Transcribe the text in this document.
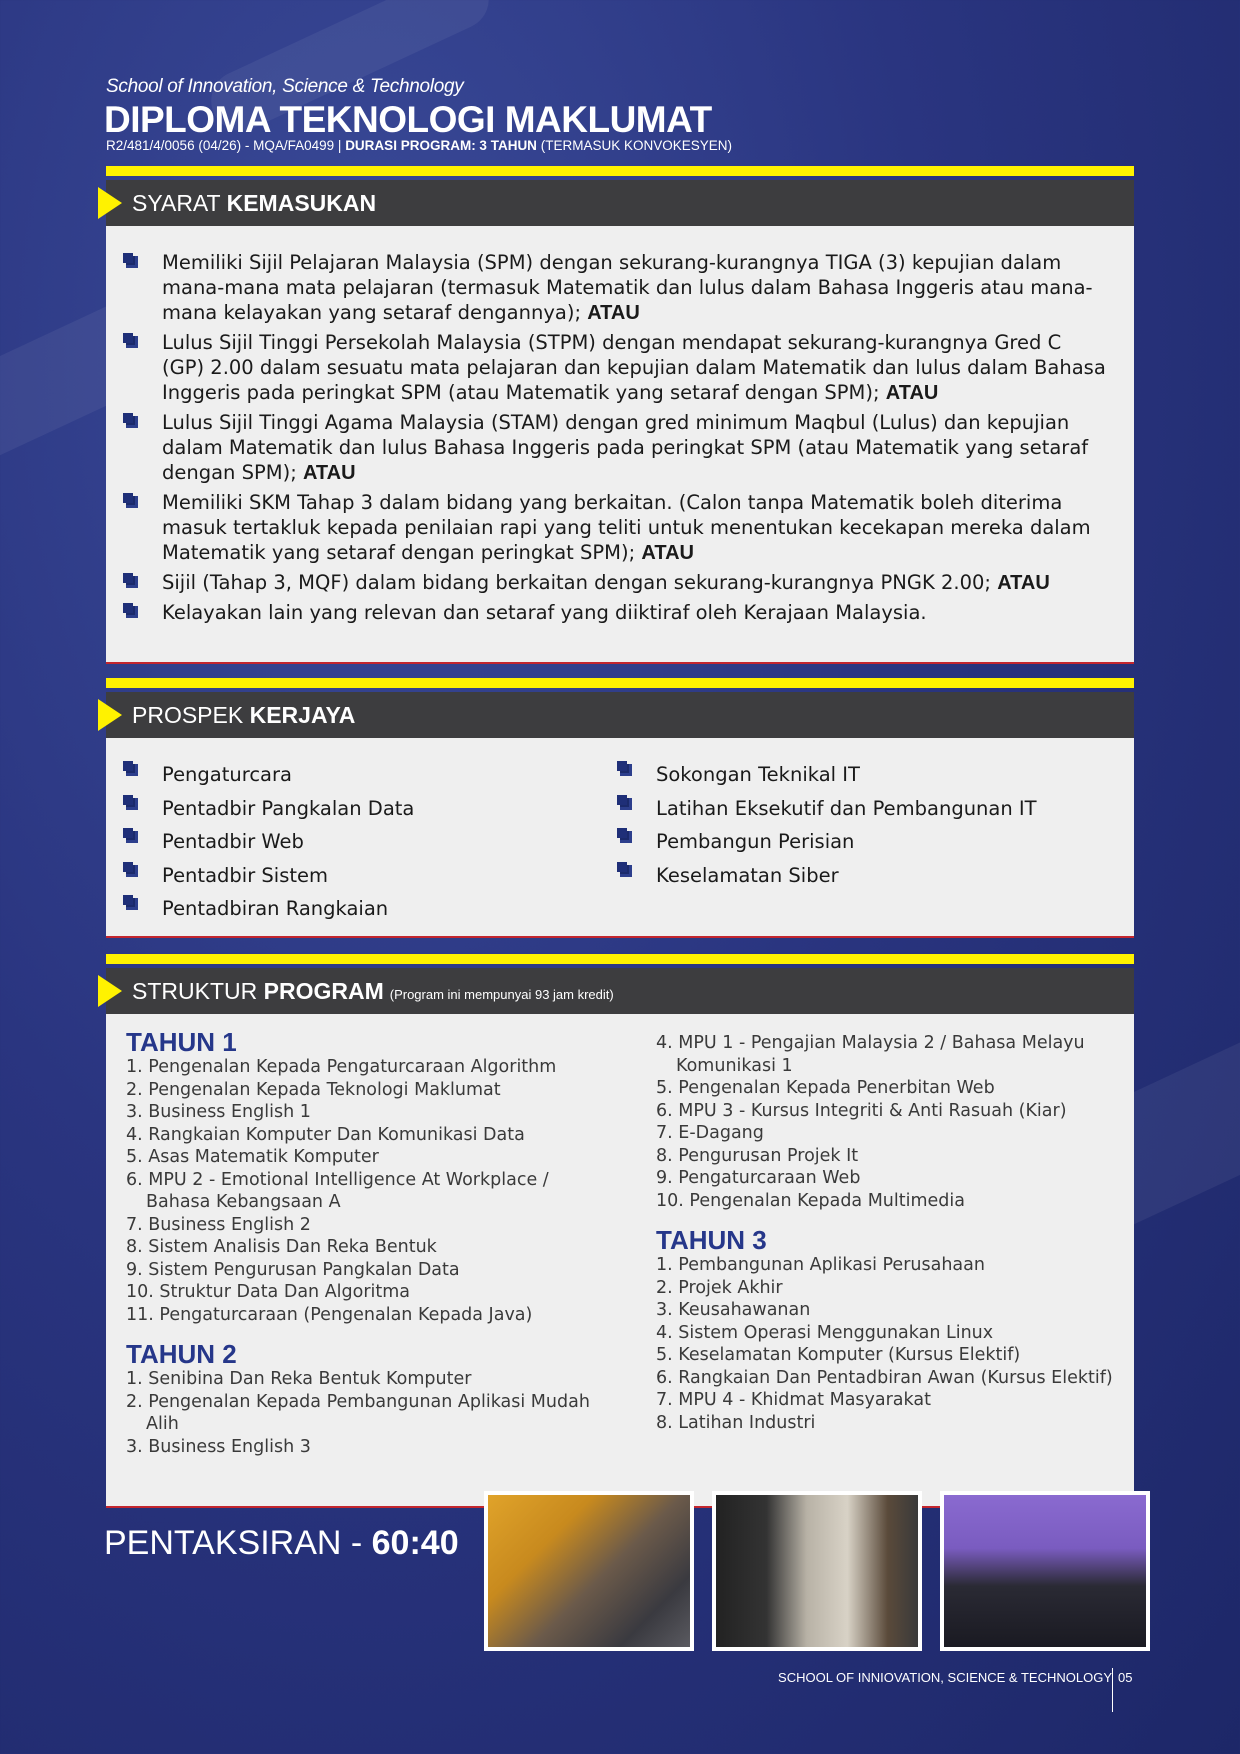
School of Innovation, Science & Technology
DIPLOMA TEKNOLOGI MAKLUMAT
R2/481/4/0056 (04/26) - MQA/FA0499 | DURASI PROGRAM: 3 TAHUN (TERMASUK KONVOKESYEN)
SYARAT KEMASUKAN
Memiliki Sijil Pelajaran Malaysia (SPM) dengan sekurang-kurangnya TIGA (3) kepujian dalam mana-mana mata pelajaran (termasuk Matematik dan lulus dalam Bahasa Inggeris atau mana-mana kelayakan yang setaraf dengannya); ATAU
Lulus Sijil Tinggi Persekolah Malaysia (STPM) dengan mendapat sekurang-kurangnya Gred C (GP) 2.00 dalam sesuatu mata pelajaran dan kepujian dalam Matematik dan lulus dalam Bahasa Inggeris pada peringkat SPM (atau Matematik yang setaraf dengan SPM); ATAU
Lulus Sijil Tinggi Agama Malaysia (STAM) dengan gred minimum Maqbul (Lulus) dan kepujian dalam Matematik dan lulus Bahasa Inggeris pada peringkat SPM (atau Matematik yang setaraf dengan SPM); ATAU
Memiliki SKM Tahap 3 dalam bidang yang berkaitan. (Calon tanpa Matematik boleh diterima masuk tertakluk kepada penilaian rapi yang teliti untuk menentukan kecekapan mereka dalam Matematik yang setaraf dengan peringkat SPM); ATAU
Sijil (Tahap 3, MQF) dalam bidang berkaitan dengan sekurang-kurangnya PNGK 2.00; ATAU
Kelayakan lain yang relevan dan setaraf yang diiktiraf oleh Kerajaan Malaysia.
PROSPEK KERJAYA
Pengaturcara
Pentadbir Pangkalan Data
Pentadbir Web
Pentadbir Sistem
Pentadbiran Rangkaian
Sokongan Teknikal IT
Latihan Eksekutif dan Pembangunan IT
Pembangun Perisian
Keselamatan Siber
STRUKTUR PROGRAM (Program ini mempunyai 93 jam kredit)
TAHUN 1
1. Pengenalan Kepada Pengaturcaraan Algorithm
2. Pengenalan Kepada Teknologi Maklumat
3. Business English 1
4. Rangkaian Komputer Dan Komunikasi Data
5. Asas Matematik Komputer
6. MPU 2 - Emotional Intelligence At Workplace / Bahasa Kebangsaan A
7. Business English 2
8. Sistem Analisis Dan Reka Bentuk
9. Sistem Pengurusan Pangkalan Data
10. Struktur Data Dan Algoritma
11. Pengaturcaraan (Pengenalan Kepada Java)
TAHUN 2
1. Senibina Dan Reka Bentuk Komputer
2. Pengenalan Kepada Pembangunan Aplikasi Mudah Alih
3. Business English 3
4. MPU 1 - Pengajian Malaysia 2 / Bahasa Melayu Komunikasi 1
5. Pengenalan Kepada Penerbitan Web
6. MPU 3 - Kursus Integriti & Anti Rasuah (Kiar)
7. E-Dagang
8. Pengurusan Projek It
9. Pengaturcaraan Web
10. Pengenalan Kepada Multimedia
TAHUN 3
1. Pembangunan Aplikasi Perusahaan
2. Projek Akhir
3. Keusahawanan
4. Sistem Operasi Menggunakan Linux
5. Keselamatan Komputer (Kursus Elektif)
6. Rangkaian Dan Pentadbiran Awan (Kursus Elektif)
7. MPU 4 - Khidmat Masyarakat
8. Latihan Industri
PENTAKSIRAN - 60:40
SCHOOL OF INNIOVATION, SCIENCE & TECHNOLOGY 05
